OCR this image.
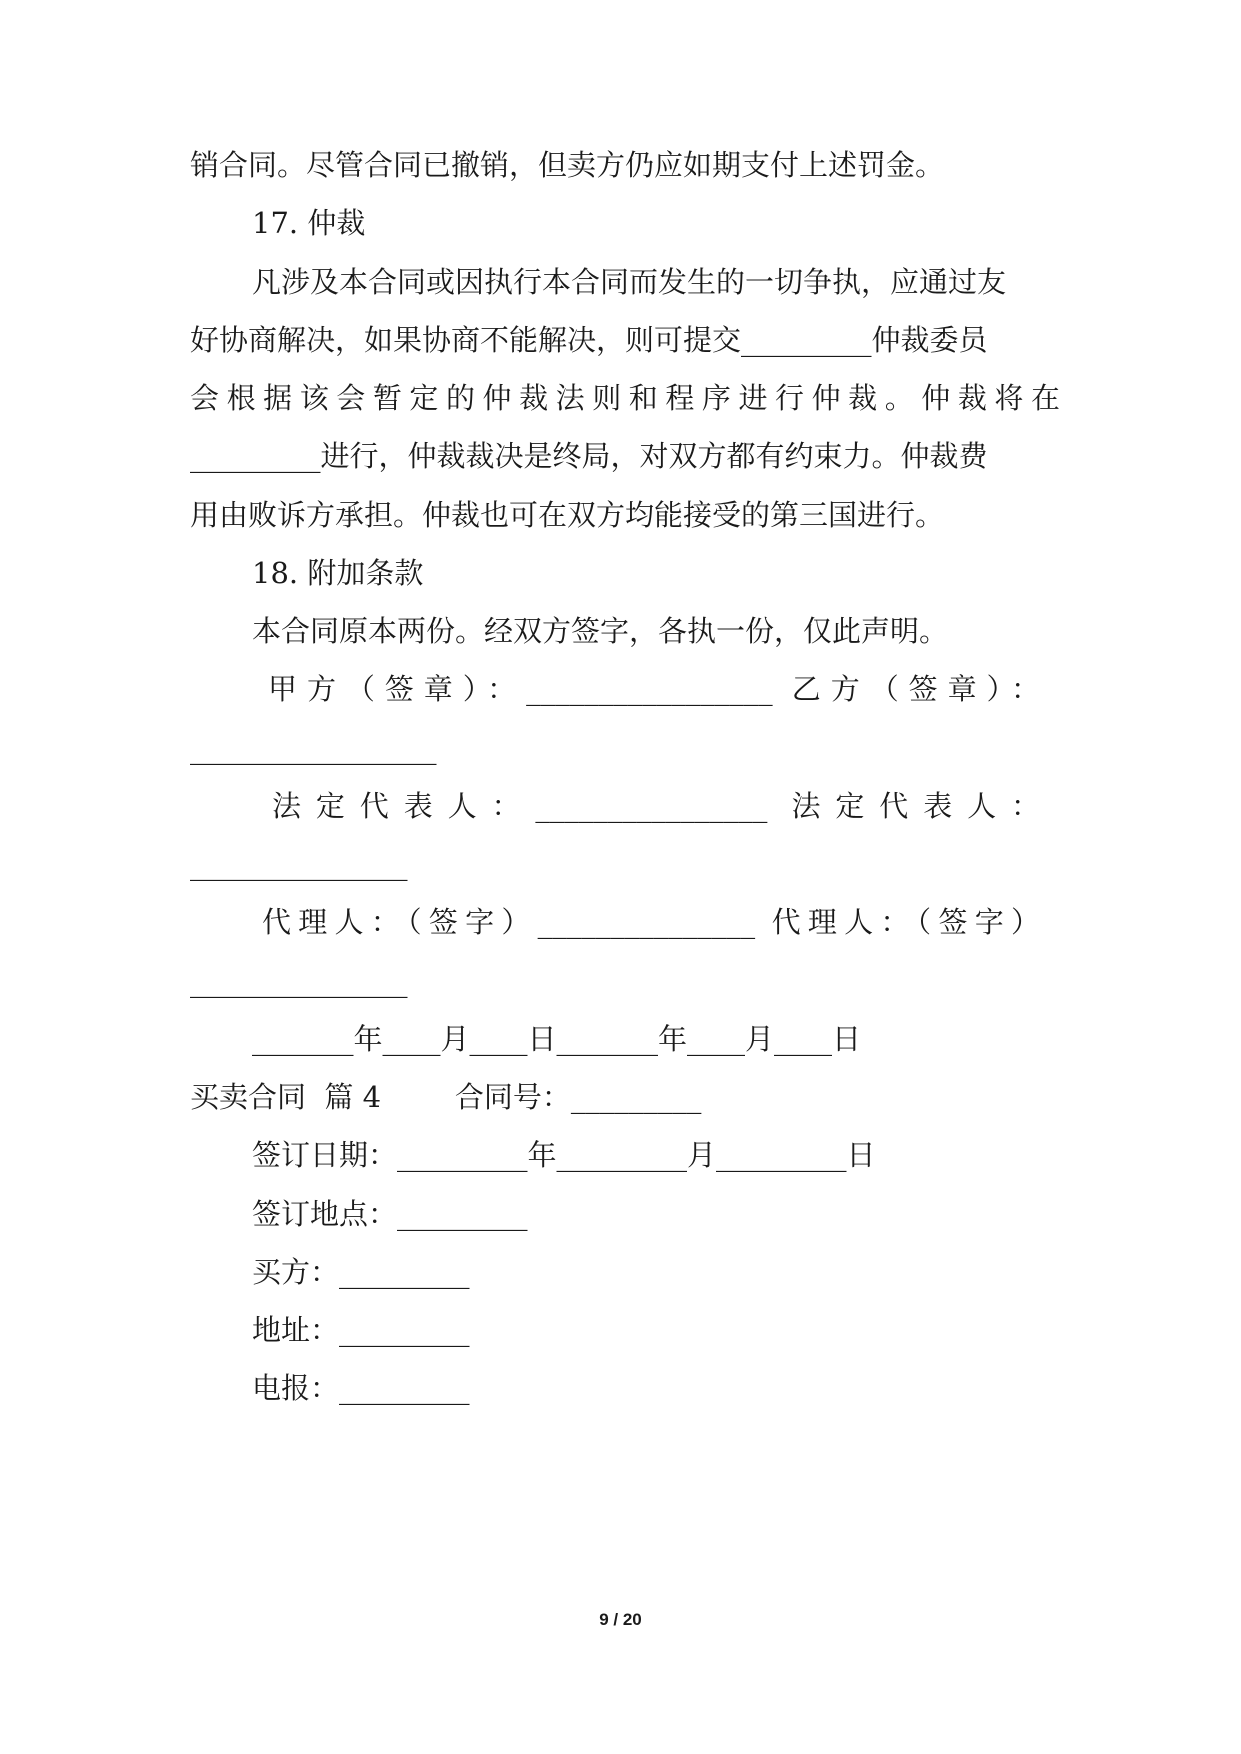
销合同。尽管合同已撤销，但卖方仍应如期支付上述罚金。
17. 仲裁
凡涉及本合同或因执行本合同而发生的一切争执，应通过友
好协商解决，如果协商不能解决，则可提交_________仲裁委员
会根据该会暂定的仲裁法则和程序进行仲裁。仲裁将在
_________进行，仲裁裁决是终局，对双方都有约束力。仲裁费
用由败诉方承担。仲裁也可在双方均能接受的第三国进行。
18. 附加条款
本合同原本两份。经双方签字，各执一份，仅此声明。
甲方（签章）：_________________ 乙方（签章）：
_________________
法定代表人：________________ 法定代表人：
_______________
代理人：（签字）_______________ 代理人：（签字）
_______________
_______年____月____日_______年____月____日
买卖合同  篇 4        合同号：_________
签订日期：_________年_________月_________日
签订地点：_________
买方：_________
地址：_________
电报：_________
9 / 20
